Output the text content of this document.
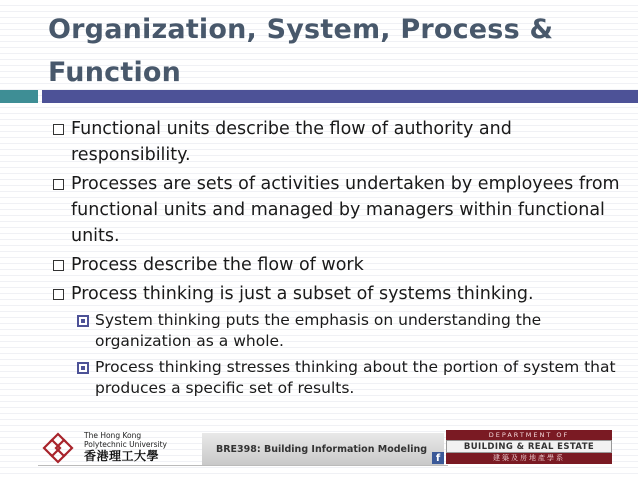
Organization, System, Process & Function
Functional units describe the flow of authority and responsibility.
Processes are sets of activities undertaken by employees from functional units and managed by managers within functional units.
Process describe the flow of work
Process thinking is just a subset of systems thinking.
System thinking puts the emphasis on understanding the organization as a whole.
Process thinking stresses thinking about the portion of system that produces a specific set of results.
The Hong Kong
Polytechnic University
香港理工大學	BRE398: Building Information Modeling
f
DEPARTMENT OF
BUILDING & REAL ESTATE
建築及房地產學系
